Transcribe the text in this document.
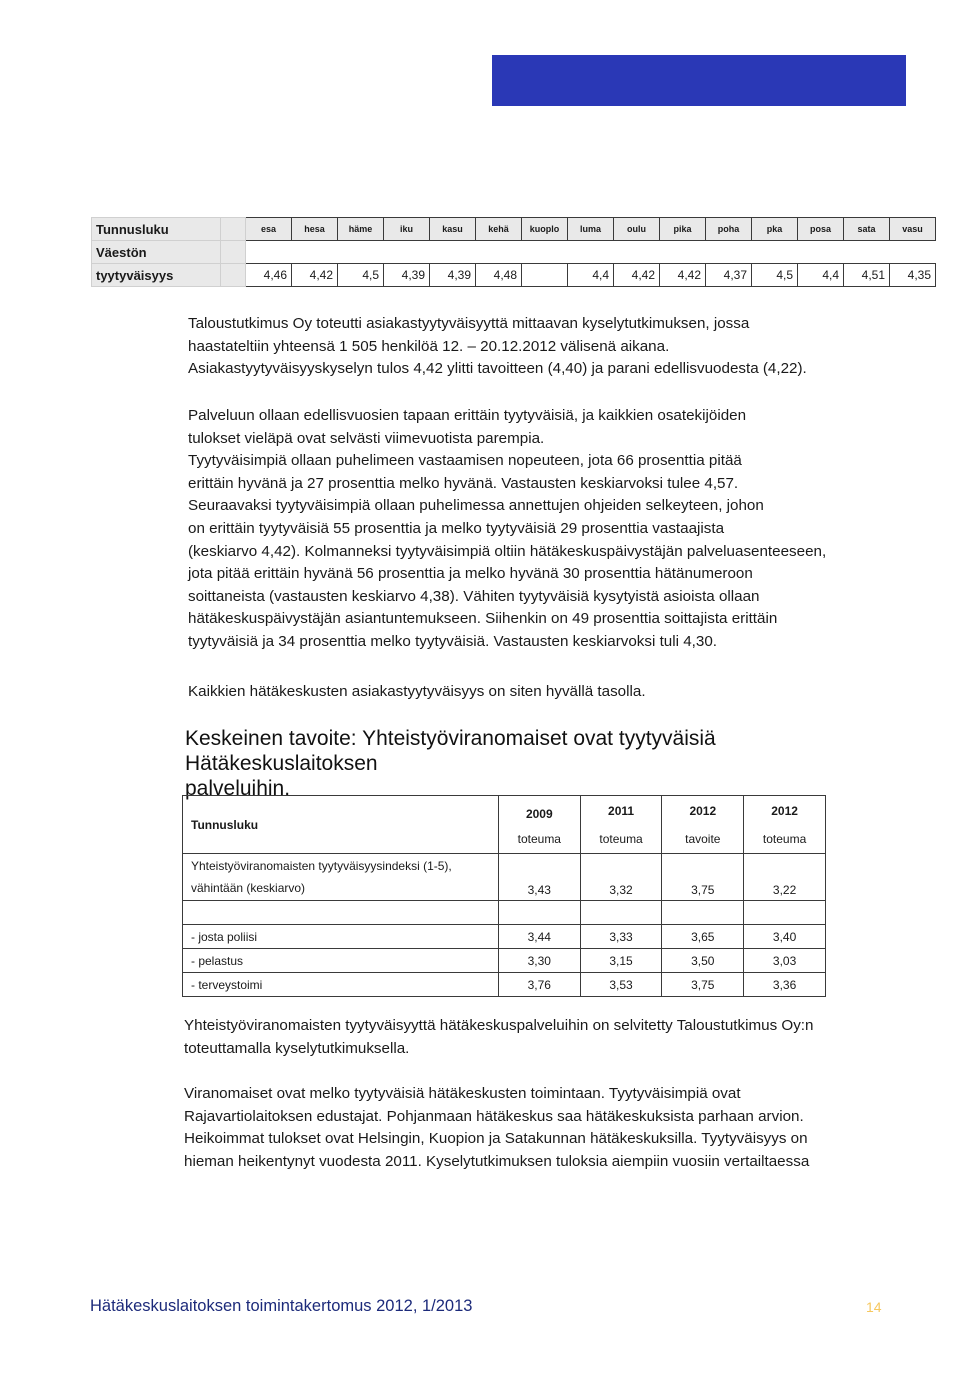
Tunnusluku		esa	hesa	häme	iku	kasu	kehä	kuoplo	luma	oulu	pika	poha	pka	posa	sata	vasu
Väestön																
tyytyväisyys		4,46	4,42	4,5	4,39	4,39	4,48		4,4	4,42	4,42	4,37	4,5	4,4	4,51	4,35

Taloustutkimus Oy toteutti asiakastyytyväisyyttä mittaavan kyselytutkimuksen, jossa

haastateltiin yhteensä 1 505 henkilöä 12. – 20.12.2012 välisenä aikana.

Asiakastyytyväisyyskyselyn tulos 4,42 ylitti tavoitteen (4,40) ja parani edellisvuodesta (4,22).

Palveluun ollaan edellisvuosien tapaan erittäin tyytyväisiä, ja kaikkien osatekijöiden

tulokset vieläpä ovat selvästi viimevuotista parempia.

Tyytyväisimpiä ollaan puhelimeen vastaamisen nopeuteen, jota 66 prosenttia pitää

erittäin hyvänä ja 27 prosenttia melko hyvänä. Vastausten keskiarvoksi tulee 4,57.

Seuraavaksi tyytyväisimpiä ollaan puhelimessa annettujen ohjeiden selkeyteen, johon

on erittäin tyytyväisiä 55 prosenttia ja melko tyytyväisiä 29 prosenttia vastaajista

(keskiarvo 4,42). Kolmanneksi tyytyväisimpiä oltiin hätäkeskuspäivystäjän palveluasenteeseen,

jota pitää erittäin hyvänä 56 prosenttia ja melko hyvänä 30 prosenttia hätänumeroon

soittaneista (vastausten keskiarvo 4,38). Vähiten tyytyväisiä kysytyistä asioista ollaan

hätäkeskuspäivystäjän asiantuntemukseen. Siihenkin on 49 prosenttia soittajista erittäin

tyytyväisiä ja 34 prosenttia melko tyytyväisiä. Vastausten keskiarvoksi tuli 4,30.

Kaikkien hätäkeskusten asiakastyytyväisyys on siten hyvällä tasolla.

Keskeinen tavoite: Yhteistyöviranomaiset ovat tyytyväisiä Hätäkeskuslaitoksen
palveluihin.
Tunnusluku	2009	2011	2012	2012
	toteuma	toteuma	tavoite	toteuma
Yhteistyöviranomaisten tyytyväisyysindeksi (1-5),
vähintään (keskiarvo)	3,43	3,32	3,75	3,22

- josta poliisi	3,44	3,33	3,65	3,40
- pelastus	3,30	3,15	3,50	3,03
- terveystoimi	3,76	3,53	3,75	3,36

Yhteistyöviranomaisten tyytyväisyyttä hätäkeskuspalveluihin on selvitetty Taloustutkimus Oy:n

toteuttamalla kyselytutkimuksella.

Viranomaiset ovat melko tyytyväisiä hätäkeskusten toimintaan. Tyytyväisimpiä ovat

Rajavartiolaitoksen edustajat. Pohjanmaan hätäkeskus saa hätäkeskuksista parhaan arvion.

Heikoimmat tulokset ovat Helsingin, Kuopion ja Satakunnan hätäkeskuksilla. Tyytyväisyys on

hieman heikentynyt vuodesta 2011. Kyselytutkimuksen tuloksia aiempiin vuosiin vertailtaessa

Hätäkeskuslaitoksen toimintakertomus 2012, 1/2013	14
